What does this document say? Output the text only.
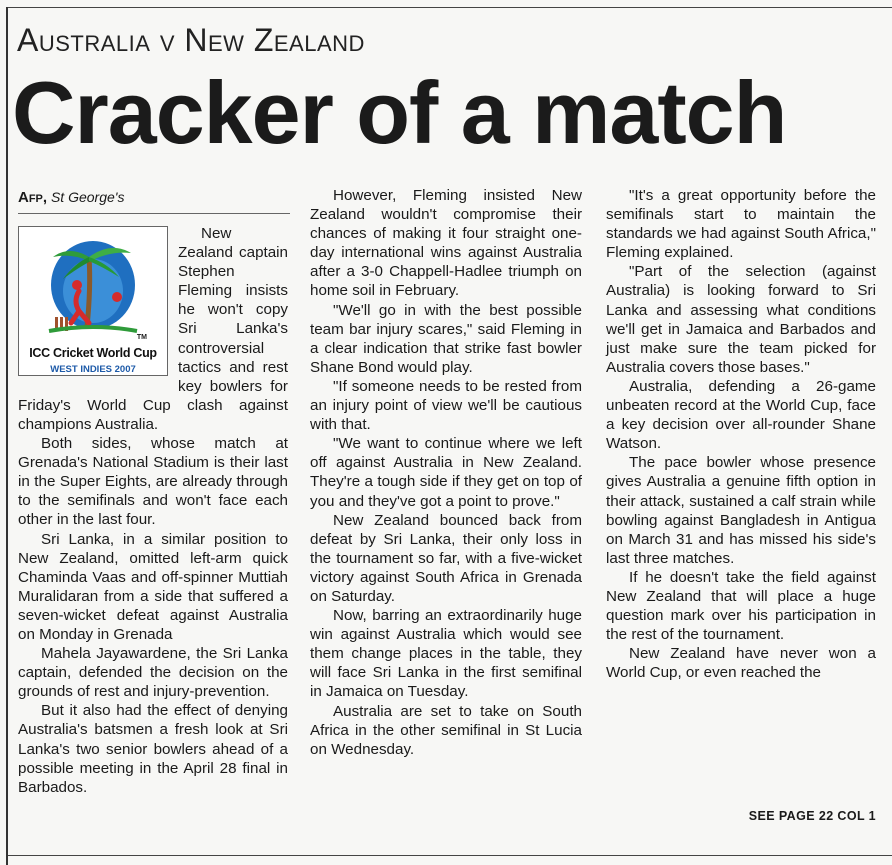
Australia v New Zealand
Cracker of a match
Afp, St George's
TM
ICC Cricket World Cup
WEST INDIES 2007

New Zealand captain Stephen Fleming insists he won't copy Sri Lanka's controversial tactics and rest key bowlers for Friday's World Cup clash against champions Australia.

Both sides, whose match at Grenada's National Stadium is their last in the Super Eights, are already through to the semifinals and won't face each other in the last four.

Sri Lanka, in a similar position to New Zealand, omitted left-arm quick Chaminda Vaas and off-spinner Muttiah Muralidaran from a side that suffered a seven-wicket defeat against Australia on Monday in Grenada

Mahela Jayawardene, the Sri Lanka captain, defended the decision on the grounds of rest and injury-prevention.

But it also had the effect of denying Australia's batsmen a fresh look at Sri Lanka's two senior bowlers ahead of a possible meeting in the April 28 final in Barbados.

However, Fleming insisted New Zealand wouldn't compromise their chances of making it four straight one-day international wins against Australia after a 3-0 Chappell-Hadlee triumph on home soil in February.

"We'll go in with the best possible team bar injury scares," said Fleming in a clear indication that strike fast bowler Shane Bond would play.

"If someone needs to be rested from an injury point of view we'll be cautious with that.

"We want to continue where we left off against Australia in New Zealand. They're a tough side if they get on top of you and they've got a point to prove."

New Zealand bounced back from defeat by Sri Lanka, their only loss in the tournament so far, with a five-wicket victory against South Africa in Grenada on Saturday.

Now, barring an extraordinarily huge win against Australia which would see them change places in the table, they will face Sri Lanka in the first semifinal in Jamaica on Tuesday.

Australia are set to take on South Africa in the other semifinal in St Lucia on Wednesday.

"It's a great opportunity before the semifinals start to maintain the standards we had against South Africa," Fleming explained.

"Part of the selection (against Australia) is looking forward to Sri Lanka and assessing what conditions we'll get in Jamaica and Barbados and just make sure the team picked for Australia covers those bases."

Australia, defending a 26-game unbeaten record at the World Cup, face a key decision over all-rounder Shane Watson.

The pace bowler whose presence gives Australia a genuine fifth option in their attack, sustained a calf strain while bowling against Bangladesh in Antigua on March 31 and has missed his side's last three matches.

If he doesn't take the field against New Zealand that will place a huge question mark over his participation in the rest of the tournament.

New Zealand have never won a World Cup, or even reached the

SEE PAGE 22 COL 1
